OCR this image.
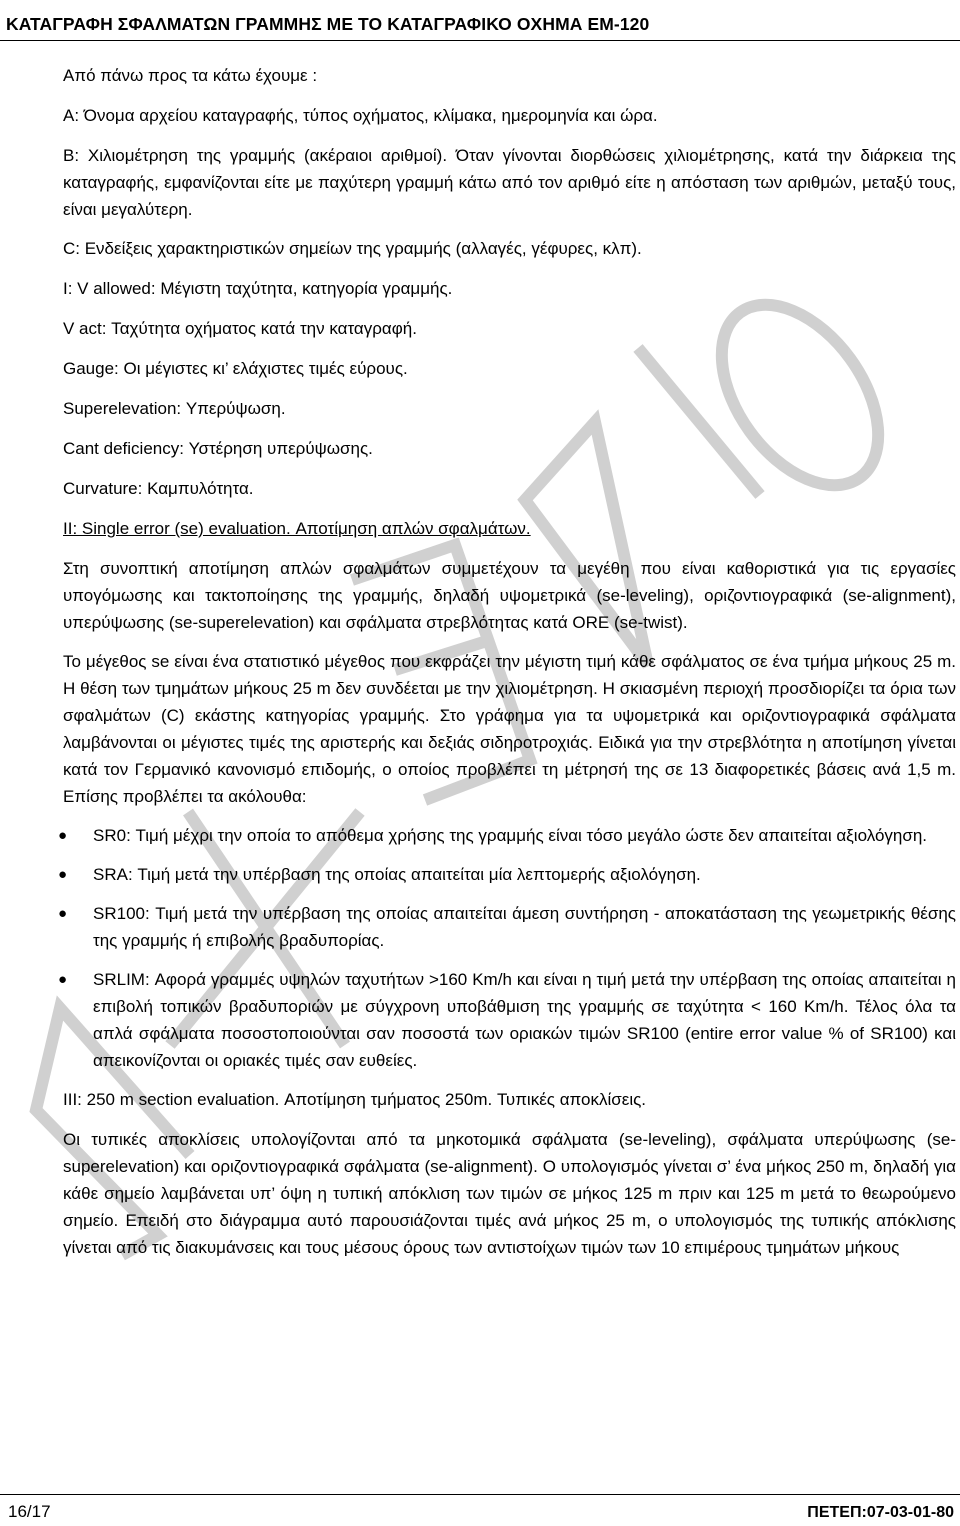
ΚΑΤΑΓΡΑΦΗ ΣΦΑΛΜΑΤΩΝ ΓΡΑΜΜΗΣ ΜΕ ΤΟ ΚΑΤΑΓΡΑΦΙΚΟ ΟΧΗΜΑ ΕΜ-120

Από πάνω προς τα κάτω έχουμε :

A: Όνομα αρχείου καταγραφής, τύπος οχήματος, κλίμακα, ημερομηνία και ώρα.

B: Χιλιομέτρηση της γραμμής (ακέραιοι αριθμοί). Όταν γίνονται διορθώσεις χιλιομέτρησης, κατά την διάρκεια της καταγραφής, εμφανίζονται είτε με παχύτερη γραμμή κάτω από τον αριθμό είτε η απόσταση των αριθμών, μεταξύ τους, είναι μεγαλύτερη.

C: Ενδείξεις χαρακτηριστικών σημείων της γραμμής (αλλαγές, γέφυρες, κλπ).

I: V allowed: Μέγιστη ταχύτητα, κατηγορία γραμμής.

V act: Ταχύτητα οχήματος κατά την καταγραφή.

Gauge: Οι μέγιστες κι’ ελάχιστες τιμές εύρους.

Superelevation: Υπερύψωση.

Cant deficiency: Υστέρηση υπερύψωσης.

Curvature: Καμπυλότητα.

II: Single error (se) evaluation. Αποτίμηση απλών σφαλμάτων.

Στη συνοπτική αποτίμηση απλών σφαλμάτων συμμετέχουν τα μεγέθη που είναι καθοριστικά για τις εργασίες υπογόμωσης και τακτοποίησης της γραμμής, δηλαδή υψομετρικά (se-leveling), οριζοντιογραφικά (se-alignment), υπερύψωσης (se-superelevation) και σφάλματα στρεβλότητας κατά ORE (se-twist).

Το μέγεθος se είναι ένα στατιστικό μέγεθος που εκφράζει την μέγιστη τιμή κάθε σφάλματος σε ένα τμήμα μήκους 25 m. Η θέση των τμημάτων μήκους 25 m δεν συνδέεται με την χιλιομέτρηση. Η σκιασμένη περιοχή προσδιορίζει τα όρια των σφαλμάτων (C) εκάστης κατηγορίας γραμμής. Στο γράφημα για τα υψομετρικά και οριζοντιογραφικά σφάλματα λαμβάνονται οι μέγιστες τιμές της αριστερής και δεξιάς σιδηροτροχιάς. Ειδικά για την στρεβλότητα η αποτίμηση γίνεται κατά τον Γερμανικό κανονισμό επιδομής, ο οποίος προβλέπει τη μέτρησή της σε 13 διαφορετικές βάσεις ανά 1,5 m. Επίσης προβλέπει τα ακόλουθα:

● SR0: Τιμή μέχρι την οποία το απόθεμα χρήσης της γραμμής είναι τόσο μεγάλο ώστε δεν απαιτείται αξιολόγηση.
● SRA: Τιμή μετά την υπέρβαση της οποίας απαιτείται μία λεπτομερής αξιολόγηση.
● SR100: Τιμή μετά την υπέρβαση της οποίας απαιτείται άμεση συντήρηση - αποκατάσταση της γεωμετρικής θέσης της γραμμής ή επιβολής βραδυπορίας.
● SRLIM: Αφορά γραμμές υψηλών ταχυτήτων >160 Km/h και είναι η τιμή μετά την υπέρβαση της οποίας απαιτείται η επιβολή τοπικών βραδυποριών με σύγχρονη υποβάθμιση της γραμμής σε ταχύτητα < 160 Km/h. Τέλος όλα τα απλά σφάλματα ποσοστοποιούνται σαν ποσοστά των οριακών τιμών SR100 (entire error value % of SR100) και απεικονίζονται οι οριακές τιμές σαν ευθείες.

III: 250 m section evaluation. Αποτίμηση τμήματος 250m. Τυπικές αποκλίσεις.

Οι τυπικές αποκλίσεις υπολογίζονται από τα μηκοτομικά σφάλματα (se-leveling), σφάλματα υπερύψωσης (se-superelevation) και οριζοντιογραφικά σφάλματα (se-alignment). Ο υπολογισμός γίνεται σ’ ένα μήκος 250 m, δηλαδή για κάθε σημείο λαμβάνεται υπ’ όψη η τυπική απόκλιση των τιμών σε μήκος 125 m πριν και 125 m μετά το θεωρούμενο σημείο. Επειδή στο διάγραμμα αυτό παρουσιάζονται τιμές ανά μήκος 25 m, ο υπολογισμός της τυπικής απόκλισης γίνεται από τις διακυμάνσεις και τους μέσους όρους των αντιστοίχων τιμών των 10 επιμέρους τμημάτων μήκους

16/17	ΠΕΤΕΠ:07-03-01-80
